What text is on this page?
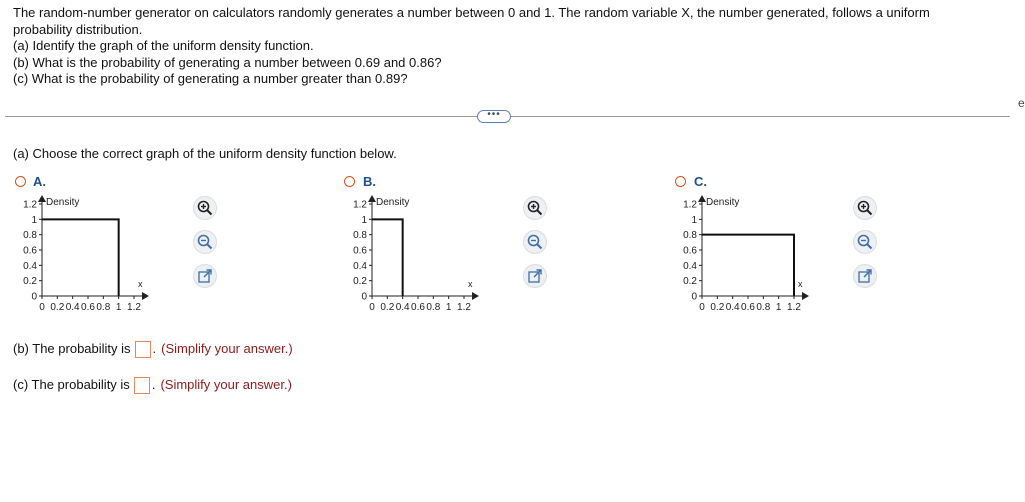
The random-number generator on calculators randomly generates a number between 0 and 1. The random variable X, the number generated, follows a uniform
probability distribution.
(a) Identify the graph of the uniform density function.
(b) What is the probability of generating a number between 0.69 and 0.86?
(c) What is the probability of generating a number greater than 0.89?
•••
e
(a) Choose the correct graph of the uniform density function below.
A.
Density
x
1.2
1
0.8
0.6
0.4
0.2
0
0 0.2 0.4 0.6 0.8 1 1.2
B.
Density
x
1.2
1
0.8
0.6
0.4
0.2
0
0 0.2 0.4 0.6 0.8 1 1.2
C.
Density
x
1.2
1
0.8
0.6
0.4
0.2
0
0 0.2 0.4 0.6 0.8 1 1.2
(b) The probability is . (Simplify your answer.)
(c) The probability is . (Simplify your answer.)
